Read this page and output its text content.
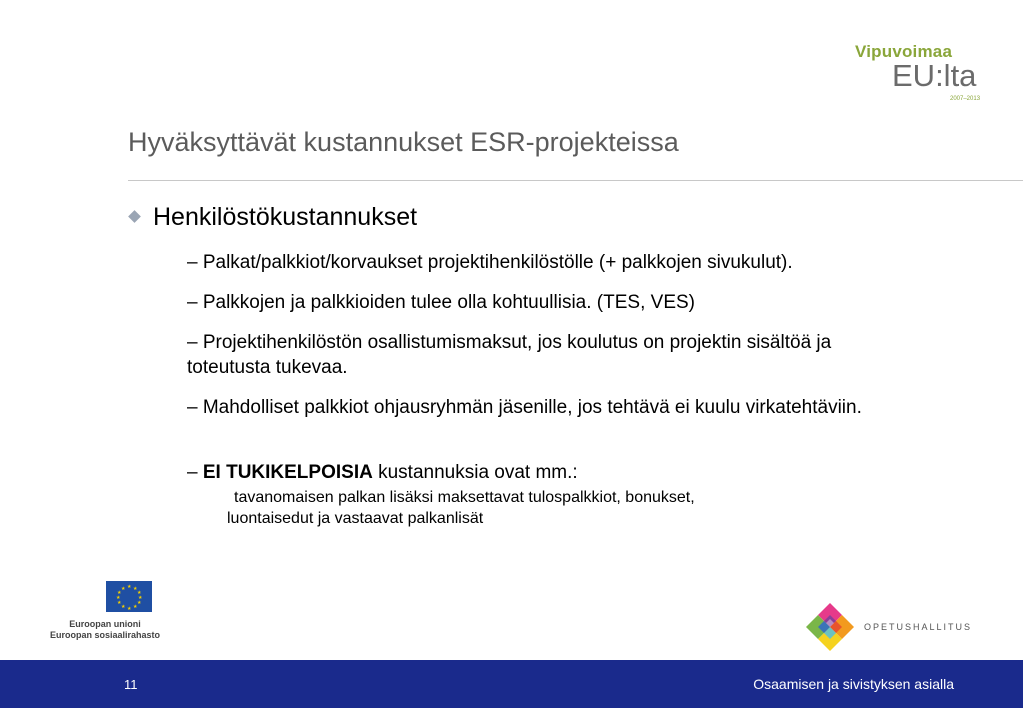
Vipuvoimaa
EU:lta
2007–2013
Hyväksyttävät kustannukset ESR-projekteissa
Henkilöstökustannukset
– Palkat/palkkiot/korvaukset projektihenkilöstölle (+ palkkojen sivukulut).
– Palkkojen ja palkkioiden tulee olla kohtuullisia. (TES, VES)
– Projektihenkilöstön osallistumismaksut, jos koulutus on projektin sisältöä ja toteutusta tukevaa.
– Mahdolliset palkkiot ohjausryhmän jäsenille, jos tehtävä ei kuulu virkatehtäviin.
– EI TUKIKELPOISIA kustannuksia ovat mm.:
tavanomaisen palkan lisäksi maksettavat tulospalkkiot, bonukset,
luontaisedut ja vastaavat palkanlisät
★ ★
★
★
★
★
★
★
★
★
★
★
Euroopan unioni
Euroopan sosiaalirahasto
OPETUSHALLITUS
11	Osaamisen ja sivistyksen asialla
